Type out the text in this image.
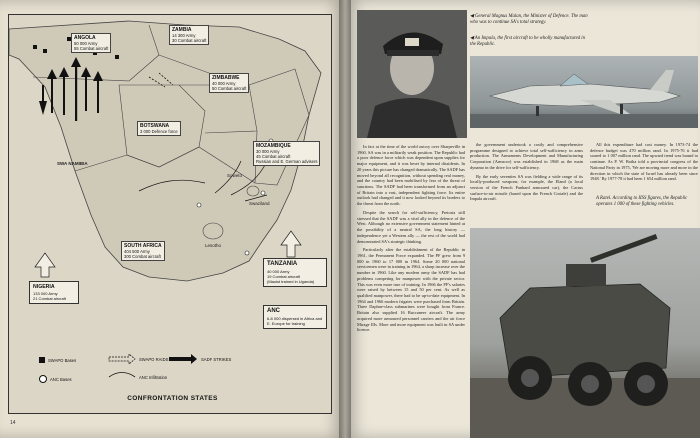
ANGOLA
50 000 Army
55 Combat aircraft
ZAMBIA
14 300 Army
30 Combat aircraft
ZIMBABWE
40 000 Army
50 Combat aircraft
BOTSWANA
3 000 Defence force
MOZAMBIQUE
30 000 Army
45 Combat aircraft
Russian and E. German advisers
SOUTH AFRICA
404 500 Army
300 Combat aircraft
SWA NAMIBIA
Lesotho
Swaziland
Soweto
TANZANIA
40 000 Army
19 Combat aircraft
(Maoist trained in Uganda)
ANC
6-8 000 dispersed in Africa and E. Europe for training
NIGERIA
133 000 Army
21 Combat aircraft
SWAPO Bases	SWAPO RAIDS	SADF STRIKES
ANC Bases	ANC Infiltration
CONFRONTATION STATES
14
◀ General Magnus Malan, the Minister of Defence. The man who was to continue SA's total strategy.
◀ An Impala, the first aircraft to be wholly manufactured in the Republic.
A Ratel. According to IISS figures, the Republic operates 1 000 of these fighting vehicles.

In fact at the time of the world outcry over Sharpeville in 1960, SA was in a militarily weak position. The Republic had a poor defence force which was dependent upon supplies for major equipment, and it was beset by internal dissidents. In 20 years this picture has changed dramatically. The SADF has moved beyond all recognition, without spending real money, and the country had been mobilised by fear of the threat of sanctions. The SADF had been transformed from an adjunct of Britain into a vast, independent fighting force. Its entire outlook had changed and it now looked beyond its borders to the threat from the north.

Despite the search for self-sufficiency, Pretoria still stressed that the SADF was a vital ally in the defence of the West. Although no extensive government statement hinted at the possibility of a neutral SA, the long history — independence yet a Western ally — the rest of the world had demonstrated SA's strategic thinking.

Particularly after the establishment of the Republic in 1961, the Permanent Force expanded. The PF grew from 9 000 in 1960 to 17 000 in 1964. Some 20 000 national servicemen were in training in 1964, a sharp increase over the number in 1960. Like any modern army the SADF has had problems competing for manpower with the private sector. This was even more true of training. In 1966 the PF's salaries were raised by between 15 and 50 per cent. As well as qualified manpower, there had to be up-to-date equipment. In 1964 and 1966 modern frigates were purchased from Britain. Three Daphne-class submarines were bought from France. Britain also supplied 16 Buccaneer aircraft. The army acquired more armoured personnel carriers and the air force Mirage IIIs. More and more equipment was built in SA under licence.

the government undertook a costly and comprehensive programme designed to achieve total self-sufficiency in arms production. The Armaments Development and Manufacturing Corporation (Armscor) was established in 1968 as the main dynamo in the drive for self-sufficiency.

By the early seventies SA was fielding a wide range of its locally-produced weapons; for example, the Eland (a local version of the French Panhard armoured car), the Cactus surface-to-air missile (based upon the French Crotale) and the Impala aircraft.

All this expenditure had cost money. In 1973-74 the defence budget was 470 million rand. In 1975-76 it had soared to 1 007 million rand. The upward trend was bound to continue. As P. W. Botha told a provincial congress of the National Party in 1975, 'We are moving more and more in the direction in which the state of Israel has already been since 1948.' By 1977-78 it had been 1 654 million rand.
